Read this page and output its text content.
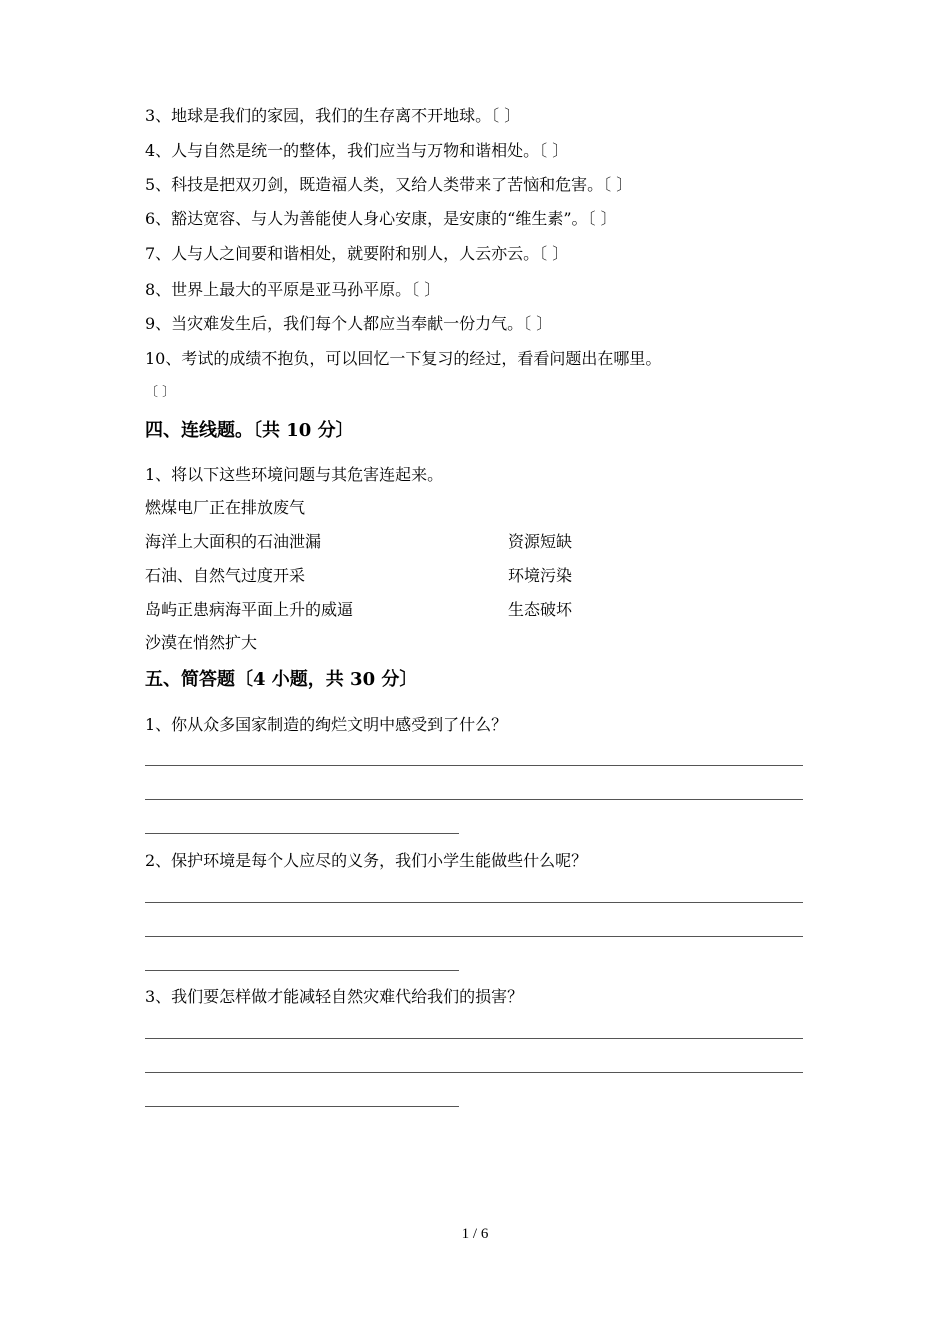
3、地球是我们的家园，我们的生存离不开地球。〔 〕
4、人与自然是统一的整体，我们应当与万物和谐相处。〔 〕
5、科技是把双刃剑，既造福人类，又给人类带来了苦恼和危害。〔 〕
6、豁达宽容、与人为善能使人身心安康，是安康的“维生素”。〔 〕
7、人与人之间要和谐相处，就要附和别人，人云亦云。〔 〕
8、世界上最大的平原是亚马孙平原。〔 〕
9、当灾难发生后，我们每个人都应当奉献一份力气。〔 〕
10、考试的成绩不抱负，可以回忆一下复习的经过，看看问题出在哪里。
〔 〕
四、连线题。〔共 10 分〕
1、将以下这些环境问题与其危害连起来。
燃煤电厂正在排放废气
海洋上大面积的石油泄漏
石油、自然气过度开采
岛屿正患病海平面上升的威逼
沙漠在悄然扩大
资源短缺
环境污染
生态破坏
五、简答题〔4 小题，共 30 分〕
1、你从众多国家制造的绚烂文明中感受到了什么？
2、保护环境是每个人应尽的义务，我们小学生能做些什么呢？
3、我们要怎样做才能减轻自然灾难代给我们的损害？
1 / 6
